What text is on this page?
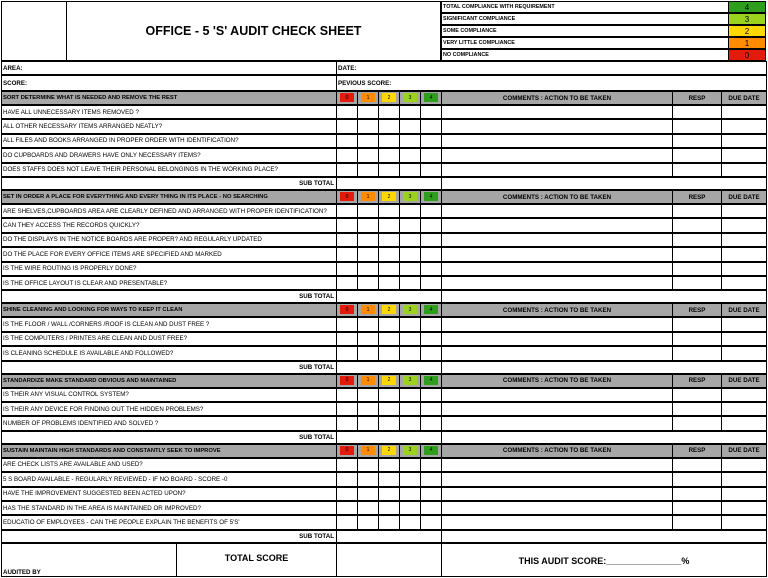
OFFICE - 5 'S' AUDIT CHECK SHEET
TOTAL COMPLIANCE WITH REQUIREMENT	4
SIGNIFICANT COMPLIANCE	3
SOME COMPLIANCE	2
VERY LITTLE COMPLIANCE	1
NO COMPLIANCE	0
AREA:	DATE:
SCORE:	PEVIOUS SCORE:
SORT DETERMINE WHAT IS NEEDED AND REMOVE THE REST	0	1	2	3	4	COMMENTS : ACTION TO BE TAKEN	RESP	DUE DATE
HAVE ALL UNNECESSARY ITEMS REMOVED ?
ALL OTHER NECESSARY ITEMS ARRANGED NEATLY?
ALL FILES AND BOOKS ARRANGED IN PROPER ORDER WITH IDENTIFICATION?
DO CUPBOARDS AND DRAWERS HAVE ONLY NECESSARY ITEMS?
DOES STAFFS DOES NOT LEAVE THEIR PERSONAL BELONGINGS IN THE WORKING PLACE?
SUB TOTAL
SET IN ORDER A PLACE FOR EVERYTHING AND EVERY THING IN ITS PLACE - NO SEARCHING	0	1	2	3	4	COMMENTS : ACTION TO BE TAKEN	RESP	DUE DATE
ARE SHELVES,CUPBOARDS AREA ARE CLEARLY DEFINED AND ARRANGED WITH PROPER IDENTIFICATION?
CAN THEY ACCESS THE RECORDS QUICKLY?
DO THE DISPLAYS IN THE NOTICE BOARDS ARE PROPER? AND REGULARLY UPDATED
DO THE PLACE FOR EVERY OFFICE ITEMS ARE SPECIFIED AND MARKED
IS THE WIRE ROUTING IS PROPERLY DONE?
IS THE OFFICE LAYOUT IS CLEAR AND PRESENTABLE?
SUB TOTAL
SHINE CLEANING AND LOOKING FOR WAYS TO KEEP IT CLEAN	0	1	2	3	4	COMMENTS : ACTION TO BE TAKEN	RESP	DUE DATE
IS THE FLOOR / WALL /CORNERS /ROOF IS CLEAN AND DUST FREE ?
IS THE COMPUTERS / PRINTES ARE CLEAN AND DUST FREE?
IS CLEANING SCHEDULE IS AVAILABLE AND FOLLOWED?
SUB TOTAL
STANDARDIZE MAKE STANDARD OBVIOUS AND MAINTAINED	0	1	2	3	4	COMMENTS : ACTION TO BE TAKEN	RESP	DUE DATE
IS THEIR ANY VISUAL CONTROL SYSTEM?
IS THEIR ANY DEVICE FOR FINDING OUT THE HIDDEN PROBLEMS?
NUMBER OF PROBLEMS IDENTIFIED AND SOLVED ?
SUB TOTAL
SUSTAIN MAINTAIN HIGH STANDARDS AND CONSTANTLY SEEK TO IMPROVE	0	1	2	3	4	COMMENTS : ACTION TO BE TAKEN	RESP	DUE DATE
ARE CHECK LISTS ARE AVAILABLE AND USED?
5 S BOARD AVAILABLE - REGULARLY REVIEWED - IF NO BOARD - SCORE -0
HAVE THE IMPROVEMENT SUGGESTED BEEN ACTED UPON?
HAS THE STANDARD IN THE AREA IS MAINTAINED OR IMPROVED?
EDUCATIO OF EMPLOYEES - CAN THE PEOPLE EXPLAIN THE BENEFITS OF 5'S'
SUB TOTAL
AUDITED BY
TOTAL SCORE	THIS AUDIT SCORE:_______________%
